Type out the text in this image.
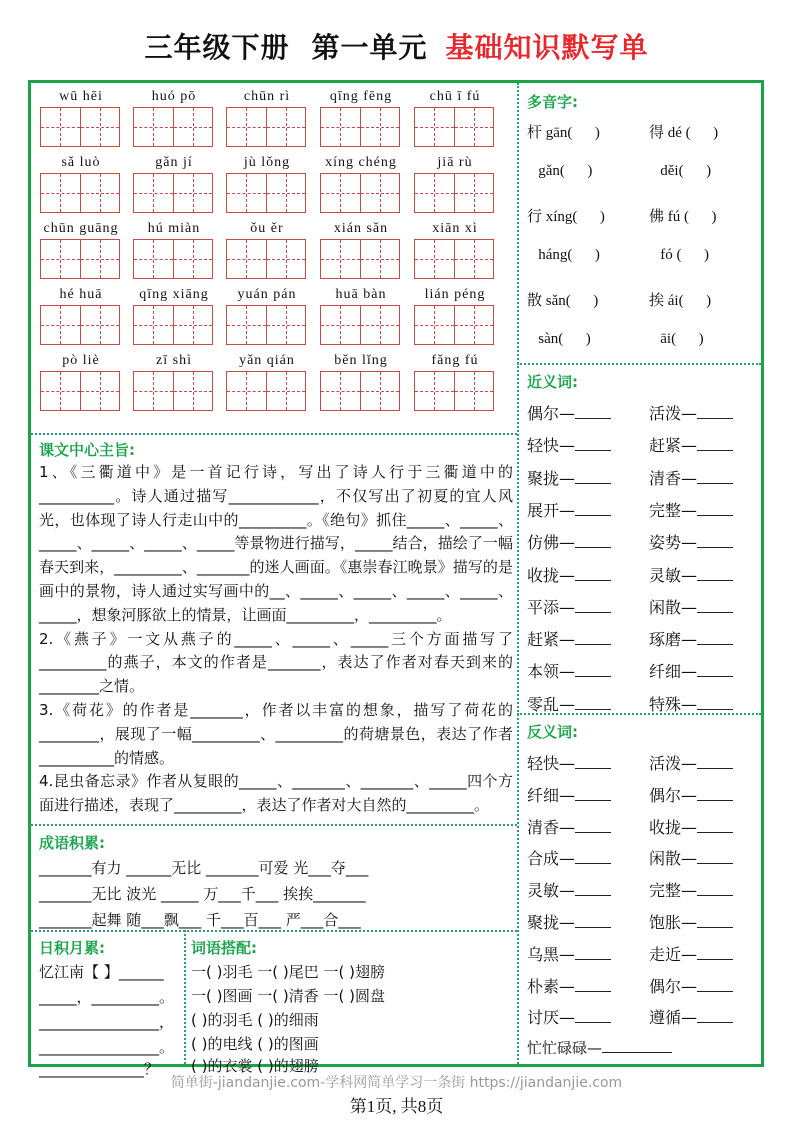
三年级下册 第一单元 基础知识默写单
wū hēi	huó pō	chūn rì	qīng fēng	chū ī fú
sǎ luò	gǎn jí	jù lǒng	xíng chéng	jiā rù
chūn guāng	hú miàn	ǒu ěr	xián sǎn	xiān xì
hé huā	qīng xiāng	yuán pán	huā bàn	lián péng
pò liè	zī shì	yǎn qián	běn lǐng	fǎng fú
多音字:
杆 gān(      )	得 dé (      )
gǎn(      )	děi(      )
行 xíng(      )	佛 fú (      )
háng(      )	fó (      )
散 sǎn(      )	挨 ái(      )
sàn(      )	āi(      )
近义词:
偶尔—	活泼—
轻快—	赶紧—
聚拢—	清香—
展开—	完整—
仿佛—	姿势—
收拢—	灵敏—
平添—	闲散—
赶紧—	琢磨—
本领—	纤细—
零乱—	特殊—
反义词:
轻快—	活泼—
纤细—	偶尔—
清香—	收拢—
合成—	闲散—
灵敏—	完整—
聚拢—	饱胀—
乌黑—	走近—
朴素—	偶尔—
讨厌—	遵循—
忙忙碌碌—
课文中心主旨:

1、《三衢道中》是一首记行诗，写出了诗人行于三衢道中的__________。诗人通过描写____________，不仅写出了初夏的宜人风光，也体现了诗人行走山中的_________。《绝句》抓住_____、_____、_____、_____、_____、_____等景物进行描写，_____结合，描绘了一幅春天到来，_________、_______的迷人画面。《惠崇春江晚景》描写的是画中的景物，诗人通过实写画中的__、_____、_____、_____、_____、_____，想象河豚欲上的情景，让画面_________，_________。

2.《燕子》一文从燕子的_____、_____、_____三个方面描写了_________的燕子，本文的作者是_______，表达了作者对春天到来的________之情。

3.《荷花》的作者是_______，作者以丰富的想象，描写了荷花的________，展现了一幅_________、_________的荷塘景色，表达了作者__________的情感。

4.昆虫备忘录》作者从复眼的_____、_______、_______、_____四个方面进行描述，表现了_________，表达了作者对大自然的_________。

成语积累:
_______有力 ______无比 _______可爱 光___夺___
_______无比 波光 _____ 万___千___ 挨挨_______
_______起舞 随___飘___ 千___百___ 严___合___
日积月累:
忆江南【 】______
_____，_________。
________________，
________________。
______________？
词语搭配:
一( )羽毛 一( )尾巴 一( )翅膀
一( )图画 一( )清香 一( )圆盘
( )的羽毛 ( )的细雨
( )的电线 ( )的图画
( )的衣裳 ( )的翅膀
简单街-jiandanjie.com-学科网简单学习一条街 https://jiandanjie.com
第1页, 共8页
